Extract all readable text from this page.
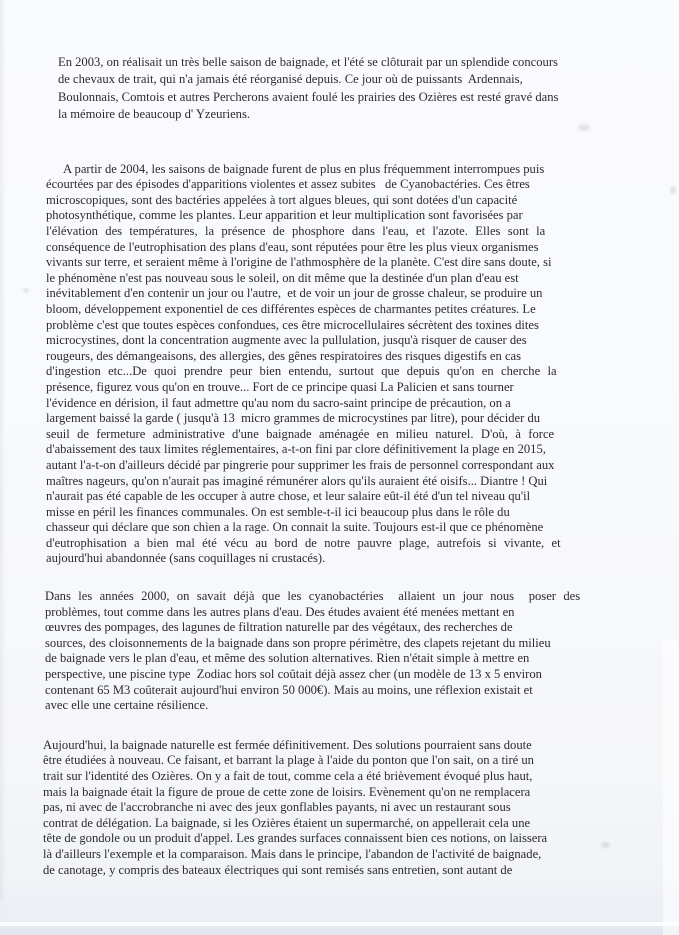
En 2003, on réalisait un très belle saison de baignade, et l'été se clôturait par un splendide concours
de chevaux de trait, qui n'a jamais été réorganisé depuis. Ce jour où de puissants  Ardennais,
Boulonnais, Comtois et autres Percherons avaient foulé les prairies des Ozières est resté gravé dans
la mémoire de beaucoup d' Yzeuriens.
A partir de 2004, les saisons de baignade furent de plus en plus fréquemment interrompues puis
écourtées par des épisodes d'apparitions violentes et assez subites   de Cyanobactéries. Ces êtres
microscopiques, sont des bactéries appelées à tort algues bleues, qui sont dotées d'un capacité
photosynthétique, comme les plantes. Leur apparition et leur multiplication sont favorisées par
l'élévation des températures, la présence de phosphore dans l'eau, et l'azote. Elles sont la
conséquence de l'eutrophisation des plans d'eau, sont réputées pour être les plus vieux organismes
vivants sur terre, et seraient même à l'origine de l'athmosphère de la planète. C'est dire sans doute, si
le phénomène n'est pas nouveau sous le soleil, on dit même que la destinée d'un plan d'eau est
inévitablement d'en contenir un jour ou l'autre,  et de voir un jour de grosse chaleur, se produire un
bloom, développement exponentiel de ces différentes espèces de charmantes petites créatures. Le
problème c'est que toutes espèces confondues, ces être microcellulaires sécrètent des toxines dites
microcystines, dont la concentration augmente avec la pullulation, jusqu'à risquer de causer des
rougeurs, des démangeaisons, des allergies, des gênes respiratoires des risques digestifs en cas
d'ingestion etc...De quoi prendre peur bien entendu, surtout que depuis qu'on en cherche la
présence, figurez vous qu'on en trouve... Fort de ce principe quasi La Palicien et sans tourner
l'évidence en dérision, il faut admettre qu'au nom du sacro-saint principe de précaution, on a
largement baissé la garde ( jusqu'à 13  micro grammes de microcystines par litre), pour décider du
seuil de fermeture administrative d'une baignade aménagée en milieu naturel. D'où, à force
d'abaissement des taux limites réglementaires, a-t-on fini par clore définitivement la plage en 2015,
autant l'a-t-on d'ailleurs décidé par pingrerie pour supprimer les frais de personnel correspondant aux
maîtres nageurs, qu'on n'aurait pas imaginé rémunérer alors qu'ils auraient été oisifs... Diantre ! Qui
n'aurait pas été capable de les occuper à autre chose, et leur salaire eût-il été d'un tel niveau qu'il
misse en péril les finances communales. On est semble-t-il ici beaucoup plus dans le rôle du
chasseur qui déclare que son chien a la rage. On connait la suite. Toujours est-il que ce phénomène
d'eutrophisation a bien mal été vécu au bord de notre pauvre plage, autrefois si vivante, et
aujourd'hui abandonnée (sans coquillages ni crustacés).
Dans les années 2000, on savait déjà que les cyanobactéries  allaient un jour nous  poser des
problèmes, tout comme dans les autres plans d'eau. Des études avaient été menées mettant en
œuvres des pompages, des lagunes de filtration naturelle par des végétaux, des recherches de
sources, des cloisonnements de la baignade dans son propre périmètre, des clapets rejetant du milieu
de baignade vers le plan d'eau, et même des solution alternatives. Rien n'était simple à mettre en
perspective, une piscine type  Zodiac hors sol coûtait déjà assez cher (un modèle de 13 x 5 environ
contenant 65 M3 coûterait aujourd'hui environ 50 000€). Mais au moins, une réflexion existait et
avec elle une certaine résilience.
Aujourd'hui, la baignade naturelle est fermée définitivement. Des solutions pourraient sans doute
être étudiées à nouveau. Ce faisant, et barrant la plage à l'aide du ponton que l'on sait, on a tiré un
trait sur l'identité des Ozières. On y a fait de tout, comme cela a été brièvement évoqué plus haut,
mais la baignade était la figure de proue de cette zone de loisirs. Evènement qu'on ne remplacera
pas, ni avec de l'accrobranche ni avec des jeux gonflables payants, ni avec un restaurant sous
contrat de délégation. La baignade, si les Ozières étaient un supermarché, on appellerait cela une
tête de gondole ou un produit d'appel. Les grandes surfaces connaissent bien ces notions, on laissera
là d'ailleurs l'exemple et la comparaison. Mais dans le principe, l'abandon de l'activité de baignade,
de canotage, y compris des bateaux électriques qui sont remisés sans entretien, sont autant de
